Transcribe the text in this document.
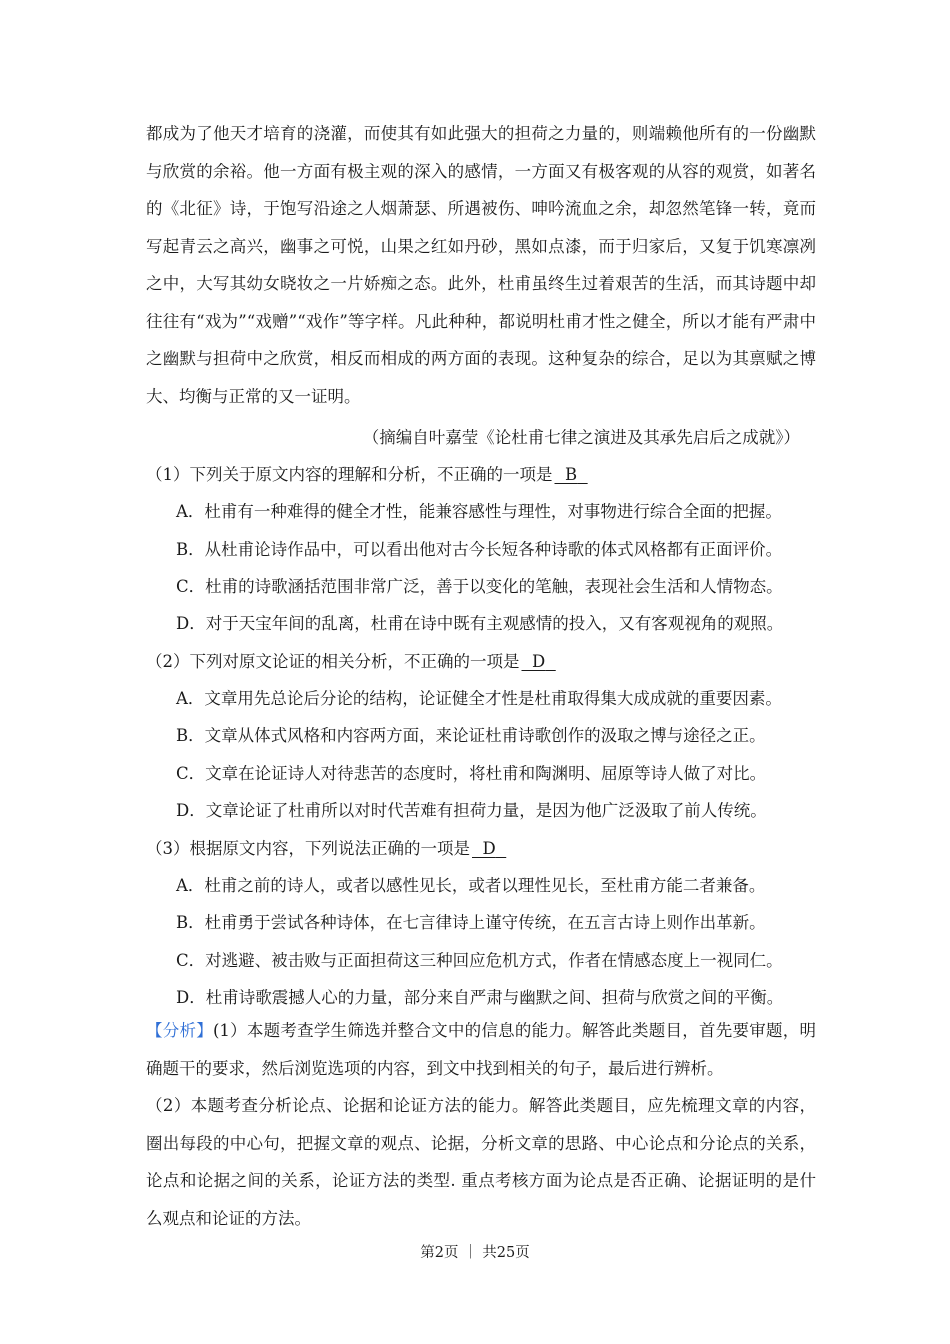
都成为了他天才培育的浇灌，而使其有如此强大的担荷之力量的，则端赖他所有的一份幽默与欣赏的余裕。他一方面有极主观的深入的感情，一方面又有极客观的从容的观赏，如著名的《北征》诗，于饱写沿途之人烟萧瑟、所遇被伤、呻吟流血之余，却忽然笔锋一转，竟而写起青云之高兴，幽事之可悦，山果之红如丹砂，黑如点漆，而于归家后，又复于饥寒凛冽之中，大写其幼女晓妆之一片娇痴之态。此外，杜甫虽终生过着艰苦的生活，而其诗题中却往往有“戏为”“戏赠”“戏作”等字样。凡此种种，都说明杜甫才性之健全，所以才能有严肃中之幽默与担荷中之欣赏，相反而相成的两方面的表现。这种复杂的综合，足以为其禀赋之博大、均衡与正常的又一证明。

（摘编自叶嘉莹《论杜甫七律之演进及其承先启后之成就》）
（1）下列关于原文内容的理解和分析，不正确的一项是 B
A．杜甫有一种难得的健全才性，能兼容感性与理性，对事物进行综合全面的把握。
B．从杜甫论诗作品中，可以看出他对古今长短各种诗歌的体式风格都有正面评价。
C．杜甫的诗歌涵括范围非常广泛，善于以变化的笔触，表现社会生活和人情物态。
D．对于天宝年间的乱离，杜甫在诗中既有主观感情的投入，又有客观视角的观照。
（2）下列对原文论证的相关分析，不正确的一项是 D
A．文章用先总论后分论的结构，论证健全才性是杜甫取得集大成成就的重要因素。
B．文章从体式风格和内容两方面，来论证杜甫诗歌创作的汲取之博与途径之正。
C．文章在论证诗人对待悲苦的态度时，将杜甫和陶渊明、屈原等诗人做了对比。
D．文章论证了杜甫所以对时代苦难有担荷力量，是因为他广泛汲取了前人传统。
（3）根据原文内容，下列说法正确的一项是 D
A．杜甫之前的诗人，或者以感性见长，或者以理性见长，至杜甫方能二者兼备。
B．杜甫勇于尝试各种诗体，在七言律诗上谨守传统，在五言古诗上则作出革新。
C．对逃避、被击败与正面担荷这三种回应危机方式，作者在情感态度上一视同仁。
D．杜甫诗歌震撼人心的力量，部分来自严肃与幽默之间、担荷与欣赏之间的平衡。

【分析】(1）本题考查学生筛选并整合文中的信息的能力。解答此类题目，首先要审题，明确题干的要求，然后浏览选项的内容，到文中找到相关的句子，最后进行辨析。

（2）本题考查分析论点、论据和论证方法的能力。解答此类题目，应先梳理文章的内容，圈出每段的中心句，把握文章的观点、论据，分析文章的思路、中心论点和分论点的关系，论点和论据之间的关系，论证方法的类型. 重点考核方面为论点是否正确、论据证明的是什么观点和论证的方法。

第2页 ｜ 共25页
